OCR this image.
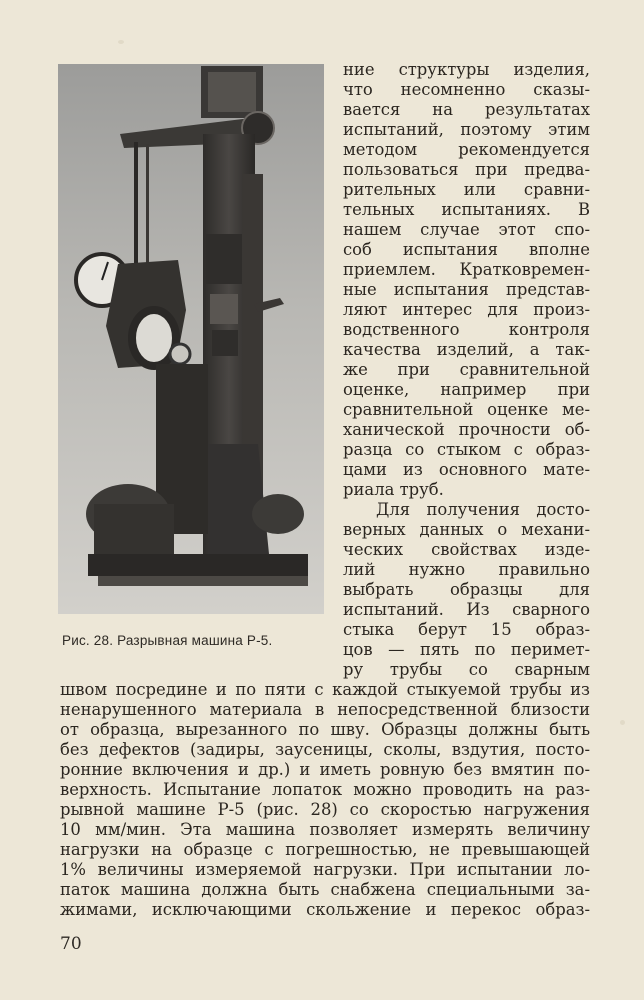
Рис. 28. Разрывная машина Р-5.

ние структуры изделия,

что несомненно сказы-

вается на результатах

испытаний, поэтому этим

методом рекомендуется

пользоваться при предва-

рительных или сравни-

тельных испытаниях. В

нашем случае этот спо-

соб испытания вполне

приемлем. Кратковремен-

ные испытания представ-

ляют интерес для произ-

водственного контроля

качества изделий, а так-

же при сравнительной

оценке, например при

сравнительной оценке ме-

ханической прочности об-

разца со стыком с образ-

цами из основного мате-

риала труб.

Для получения досто-

верных данных о механи-

ческих свойствах изде-

лий нужно правильно

выбрать образцы для

испытаний. Из сварного

стыка берут 15 образ-

цов — пять по перимет-

ру трубы со сварным

швом посредине и по пяти с каждой стыкуемой трубы из

ненарушенного материала в непосредственной близости

от образца, вырезанного по шву. Образцы должны быть

без дефектов (задиры, заусеницы, сколы, вздутия, посто-

ронние включения и др.) и иметь ровную без вмятин по-

верхность. Испытание лопаток можно проводить на раз-

рывной машине Р-5 (рис. 28) со скоростью нагружения

10 мм/мин. Эта машина позволяет измерять величину

нагрузки на образце с погрешностью, не превышающей

1% величины измеряемой нагрузки. При испытании ло-

паток машина должна быть снабжена специальными за-

жимами, исключающими скольжение и перекос образ-

70
